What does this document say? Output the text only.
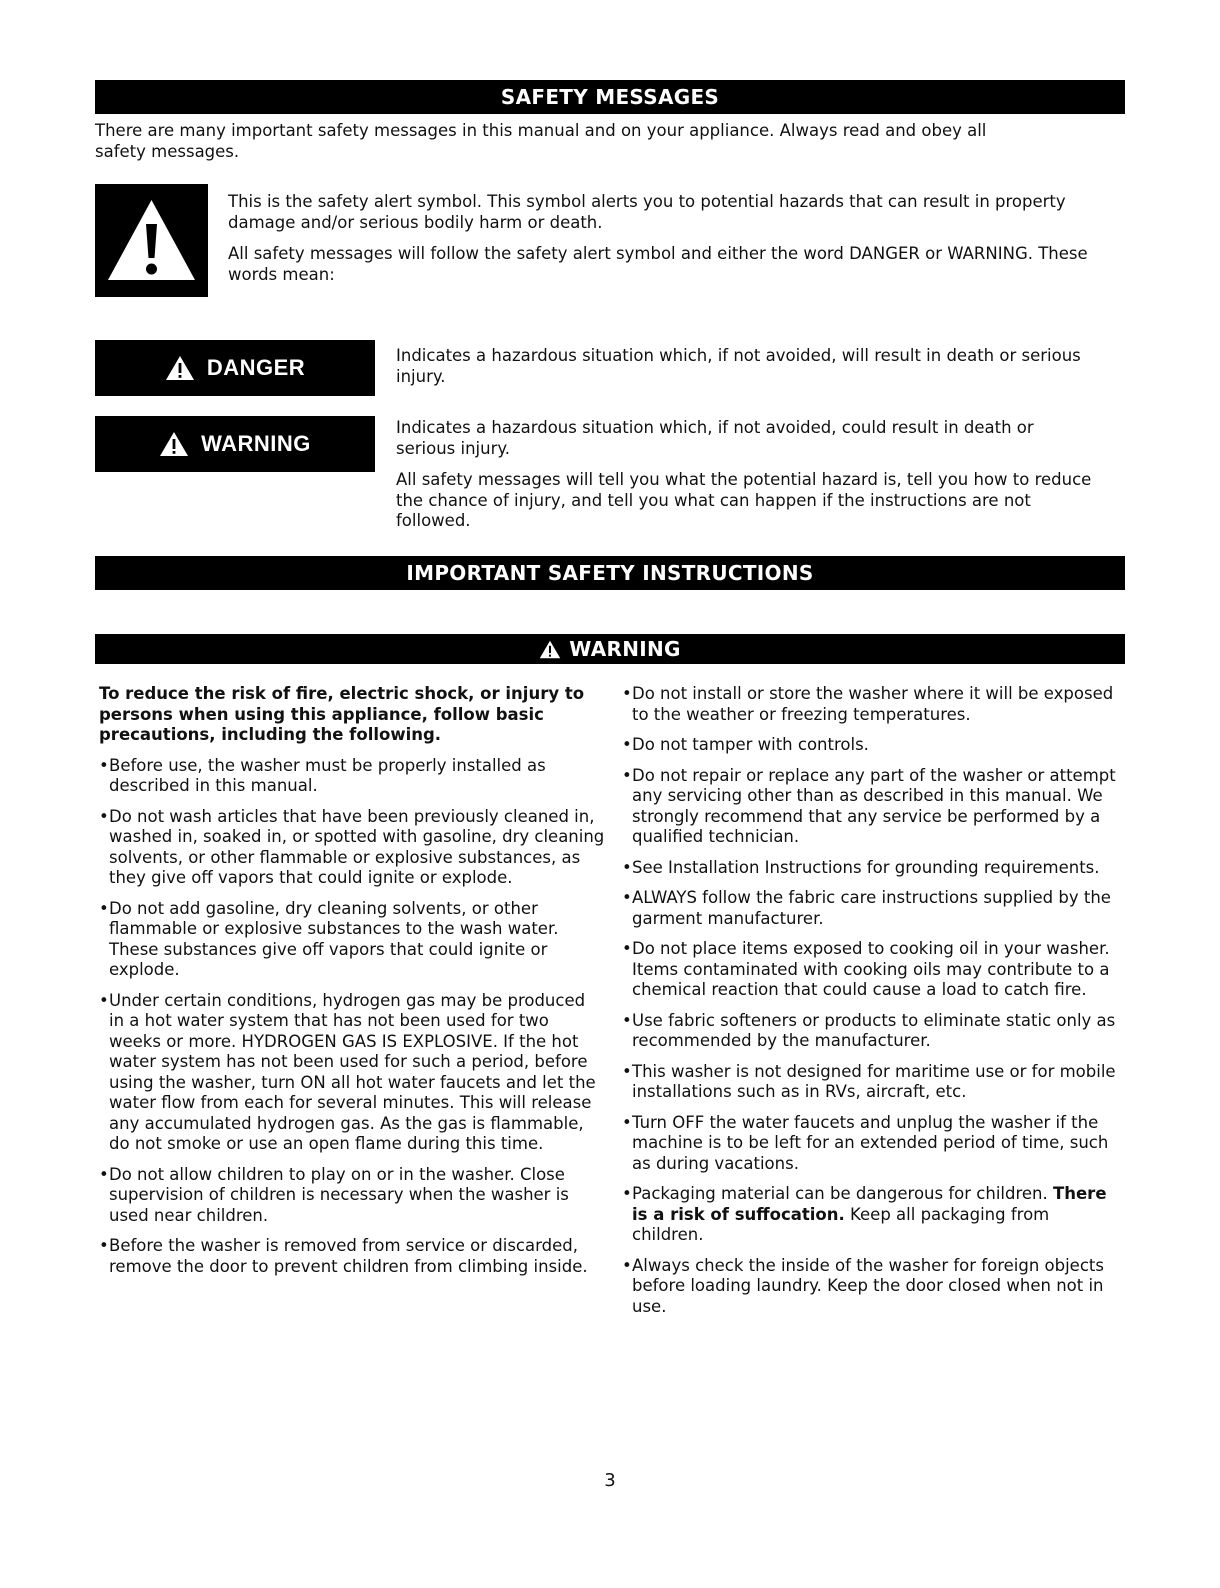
SAFETY MESSAGES

There are many important safety messages in this manual and on your appliance. Always read and obey all safety messages.

This is the safety alert symbol. This symbol alerts you to potential hazards that can result in property damage and/or serious bodily harm or death.

All safety messages will follow the safety alert symbol and either the word DANGER or WARNING. These words mean:

DANGER	Indicates a hazardous situation which, if not avoided, will result in death or serious injury.

WARNING

Indicates a hazardous situation which, if not avoided, could result in death or serious injury.

All safety messages will tell you what the potential hazard is, tell you how to reduce the chance of injury, and tell you what can happen if the instructions are not followed.

IMPORTANT SAFETY INSTRUCTIONS
WARNING

To reduce the risk of fire, electric shock, or injury to persons when using this appliance, follow basic precautions, including the following.

•Before use, the washer must be properly installed as described in this manual.

•Do not wash articles that have been previously cleaned in, washed in, soaked in, or spotted with gasoline, dry cleaning solvents, or other flammable or explosive substances, as they give off vapors that could ignite or explode.

•Do not add gasoline, dry cleaning solvents, or other flammable or explosive substances to the wash water. These substances give off vapors that could ignite or explode.

•Under certain conditions, hydrogen gas may be produced in a hot water system that has not been used for two weeks or more. HYDROGEN GAS IS EXPLOSIVE. If the hot water system has not been used for such a period, before using the washer, turn ON all hot water faucets and let the water flow from each for several minutes. This will release any accumulated hydrogen gas. As the gas is flammable, do not smoke or use an open flame during this time.

•Do not allow children to play on or in the washer. Close supervision of children is necessary when the washer is used near children.

•Before the washer is removed from service or discarded, remove the door to prevent children from climbing inside.

•Do not install or store the washer where it will be exposed to the weather or freezing temperatures.

•Do not tamper with controls.

•Do not repair or replace any part of the washer or attempt any servicing other than as described in this manual. We strongly recommend that any service be performed by a qualified technician.

•See Installation Instructions for grounding requirements.

•ALWAYS follow the fabric care instructions supplied by the garment manufacturer.

•Do not place items exposed to cooking oil in your washer. Items contaminated with cooking oils may contribute to a chemical reaction that could cause a load to catch fire.

•Use fabric softeners or products to eliminate static only as recommended by the manufacturer.

•This washer is not designed for maritime use or for mobile installations such as in RVs, aircraft, etc.

•Turn OFF the water faucets and unplug the washer if the machine is to be left for an extended period of time, such as during vacations.

•Packaging material can be dangerous for children. There is a risk of suffocation. Keep all packaging from children.

•Always check the inside of the washer for foreign objects before loading laundry. Keep the door closed when not in use.

3
